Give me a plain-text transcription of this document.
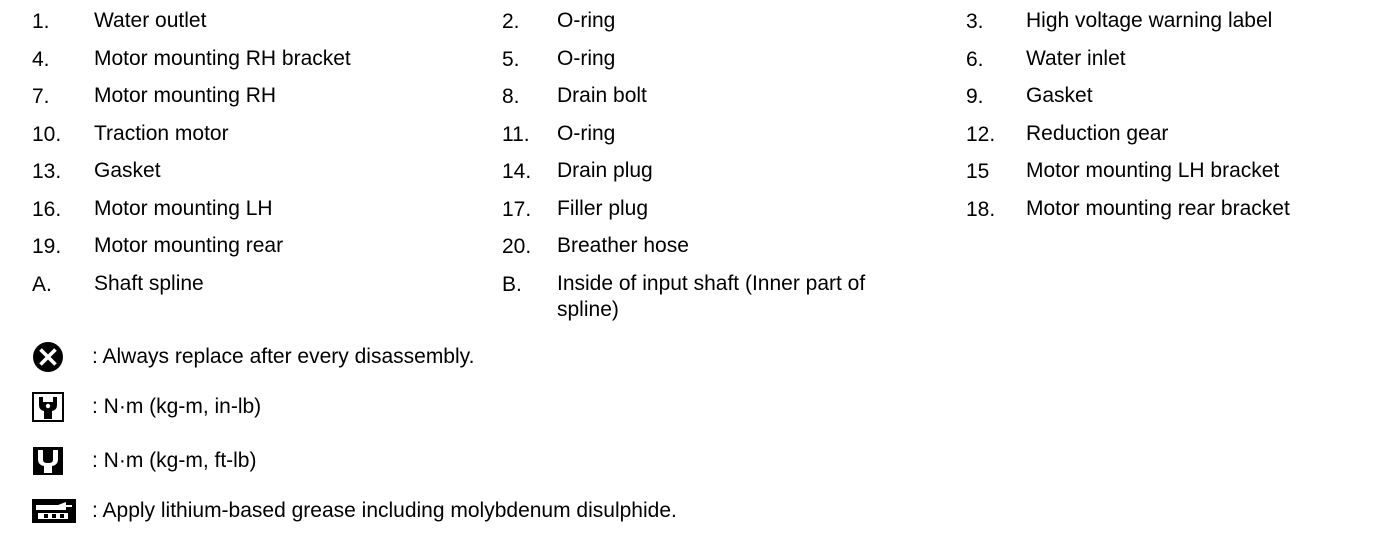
1.	Water outlet	2.	O-ring	3.	High voltage warning label
4.	Motor mounting RH bracket	5.	O-ring	6.	Water inlet
7.	Motor mounting RH	8.	Drain bolt	9.	Gasket
10.	Traction motor	11.	O-ring	12.	Reduction gear
13.	Gasket	14.	Drain plug	15	Motor mounting LH bracket
16.	Motor mounting LH	17.	Filler plug	18.	Motor mounting rear bracket
19.	Motor mounting rear	20.	Breather hose
A.	Shaft spline	B.	Inside of input shaft (Inner part of spline)
: Always replace after every disassembly.
: N·m (kg-m, in-lb)
: N·m (kg-m, ft-lb)
: Apply lithium-based grease including molybdenum disulphide.
